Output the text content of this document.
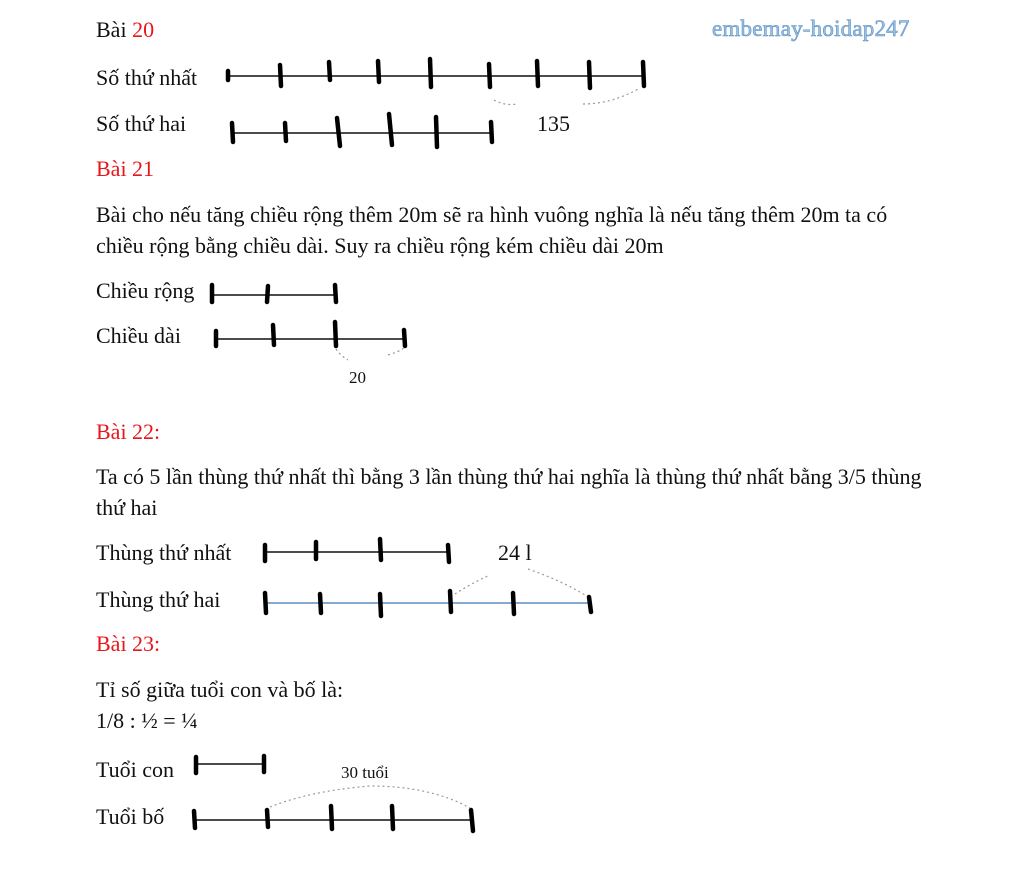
embemay-hoidap247
Bài 20
Số thứ nhất
Số thứ hai	135
Bài 21
Bài cho nếu tăng chiều rộng thêm 20m sẽ ra hình vuông nghĩa là nếu tăng thêm 20m ta có chiều rộng bằng chiều dài. Suy ra chiều rộng kém chiều dài 20m
Chiều rộng
Chiều dài
20
Bài 22:
Ta có 5 lần thùng thứ nhất thì bằng 3 lần thùng thứ hai nghĩa là thùng thứ nhất bằng 3/5 thùng thứ hai
Thùng thứ nhất
Thùng thứ hai
24 l
Bài 23:
Tỉ số giữa tuổi con và bố là:
1/8 : ½ = ¼
Tuổi con
Tuổi bố
30 tuổi
